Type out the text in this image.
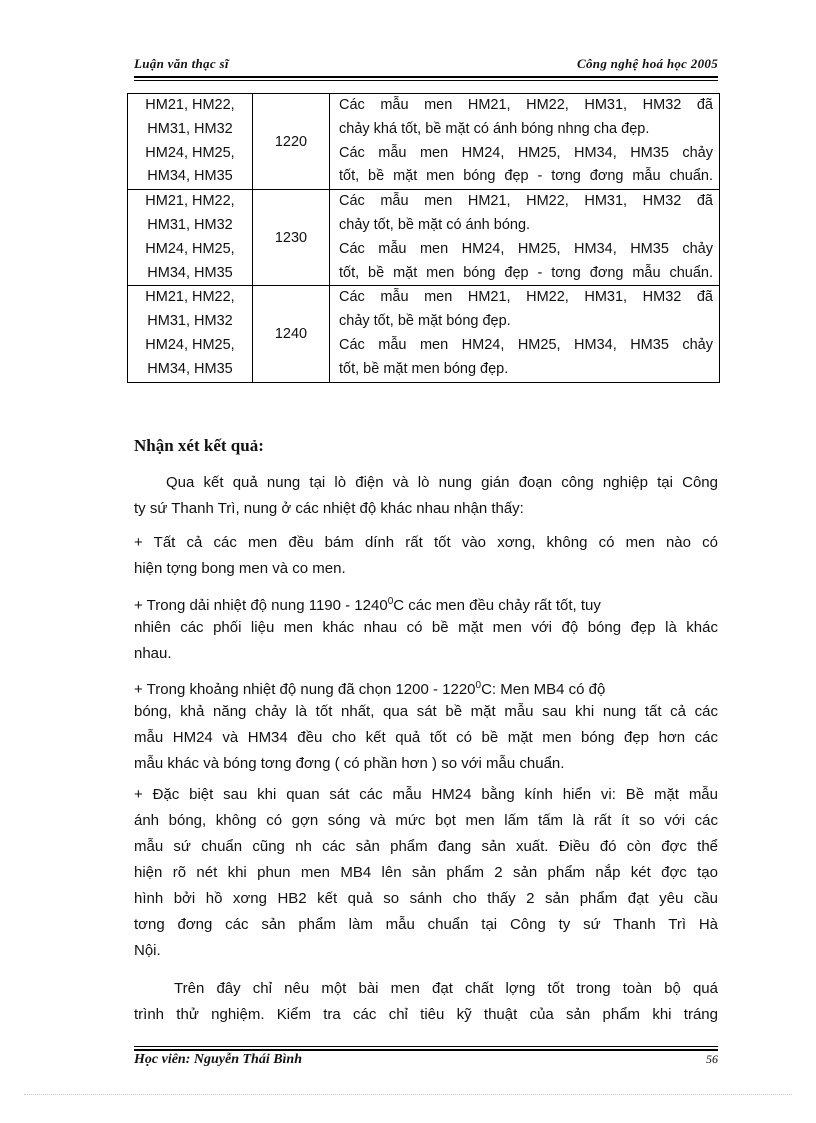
Luận văn thạc sĩ	Công nghệ hoá học 2005
HM21, HM22,
HM31, HM32
HM24, HM25,
HM34, HM35	1220	Các mẫu men HM21, HM22, HM31, HM32 đã
chảy khá tốt, bề mặt có ánh bóng nhng cha đẹp.
Các mẫu men HM24, HM25, HM34, HM35 chảy
tốt, bề mặt men bóng đẹp - tơng đơng mẫu chuẩn.

HM21, HM22,
HM31, HM32
HM24, HM25,
HM34, HM35	1230	Các mẫu men HM21, HM22, HM31, HM32 đã
chảy tốt, bề mặt có ánh bóng.
Các mẫu men HM24, HM25, HM34, HM35 chảy
tốt, bề mặt men bóng đẹp - tơng đơng mẫu chuẩn.

HM21, HM22,
HM31, HM32
HM24, HM25,
HM34, HM35	1240	Các mẫu men HM21, HM22, HM31, HM32 đã
chảy tốt, bề mặt bóng đẹp.
Các mẫu men HM24, HM25, HM34, HM35 chảy
tốt, bề mặt men bóng đẹp.
Nhận xét kết quả:
Qua kết quả nung tại lò điện và lò nung gián đoạn công nghiệp tại Công
ty sứ Thanh Trì, nung ở các nhiệt độ khác nhau nhận thấy:
+ Tất cả các men đều bám dính rất tốt vào xơng, không có men nào có
hiện tợng bong men và co men.
+ Trong dải nhiệt độ nung 1190 - 1240$^0$C các men đều chảy rất tốt, tuy
nhiên các phối liệu men khác nhau có bề mặt men với độ bóng đẹp là khác
nhau.
+ Trong khoảng nhiệt độ nung đã chọn 1200 - 1220$^0$C: Men MB4 có độ
bóng, khả năng chảy là tốt nhất, qua sát bề mặt mẫu sau khi nung tất cả các
mẫu HM24 và HM34 đều cho kết quả tốt có bề mặt men bóng đẹp hơn các
mẫu khác và bóng tơng đơng ( có phần hơn ) so với mẫu chuẩn.
+ Đặc biệt sau khi quan sát các mẫu HM24 bằng kính hiển vi: Bề mặt mẫu
ánh bóng, không có gợn sóng và mức bọt men lấm tấm là rất ít so với các
mẫu sứ chuẩn cũng nh các sản phẩm đang sản xuất. Điều đó còn đợc thể
hiện rõ nét khi phun men MB4 lên sản phẩm 2 sản phẩm nắp két đợc tạo
hình bởi hồ xơng HB2 kết quả so sánh cho thấy 2 sản phẩm đạt yêu cầu
tơng đơng các sản phẩm làm mẫu chuẩn tại Công ty sứ Thanh Trì Hà
Nội.
Trên đây chỉ nêu một bài men đạt chất lợng tốt trong toàn bộ quá
trình thử nghiệm. Kiểm tra các chỉ tiêu kỹ thuật của sản phẩm khi tráng
Học viên: Nguyễn Thái Bình	56
